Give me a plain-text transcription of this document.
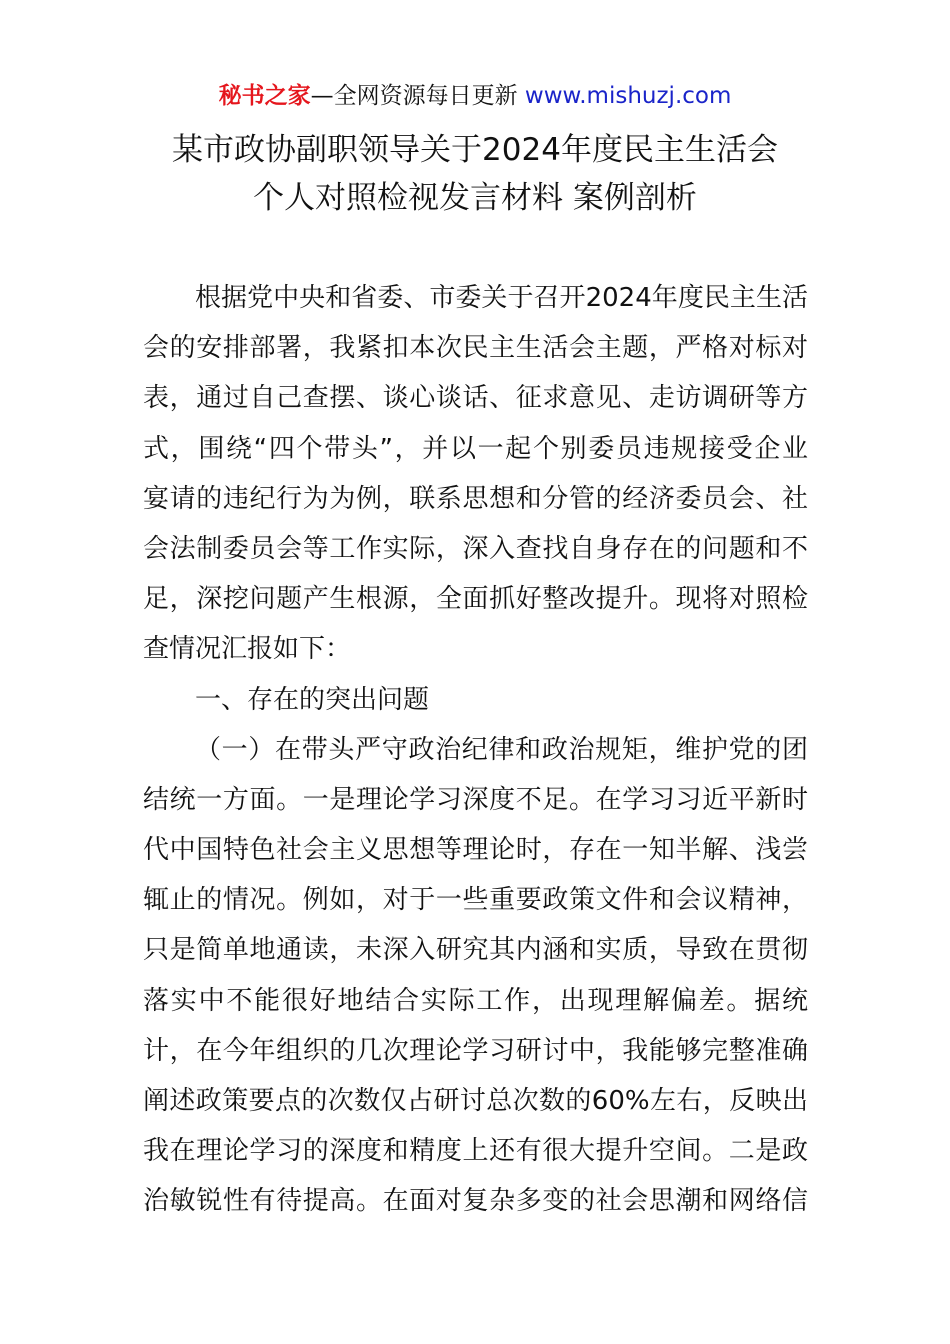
秘书之家—全网资源每日更新 www.mishuzj.com
某市政协副职领导关于2024年度民主生活会
个人对照检视发言材料 案例剖析
根据党中央和省委、市委关于召开2024年度民主生活
会的安排部署，我紧扣本次民主生活会主题，严格对标对
表，通过自己查摆、谈心谈话、征求意见、走访调研等方
式，围绕“四个带头”，并以一起个别委员违规接受企业
宴请的违纪行为为例，联系思想和分管的经济委员会、社
会法制委员会等工作实际，深入查找自身存在的问题和不
足，深挖问题产生根源，全面抓好整改提升。现将对照检
查情况汇报如下：
一、存在的突出问题
（一）在带头严守政治纪律和政治规矩，维护党的团
结统一方面。一是理论学习深度不足。在学习习近平新时
代中国特色社会主义思想等理论时，存在一知半解、浅尝
辄止的情况。例如，对于一些重要政策文件和会议精神，
只是简单地通读，未深入研究其内涵和实质，导致在贯彻
落实中不能很好地结合实际工作，出现理解偏差。据统
计，在今年组织的几次理论学习研讨中，我能够完整准确
阐述政策要点的次数仅占研讨总次数的60%左右，反映出
我在理论学习的深度和精度上还有很大提升空间。二是政
治敏锐性有待提高。在面对复杂多变的社会思潮和网络信
